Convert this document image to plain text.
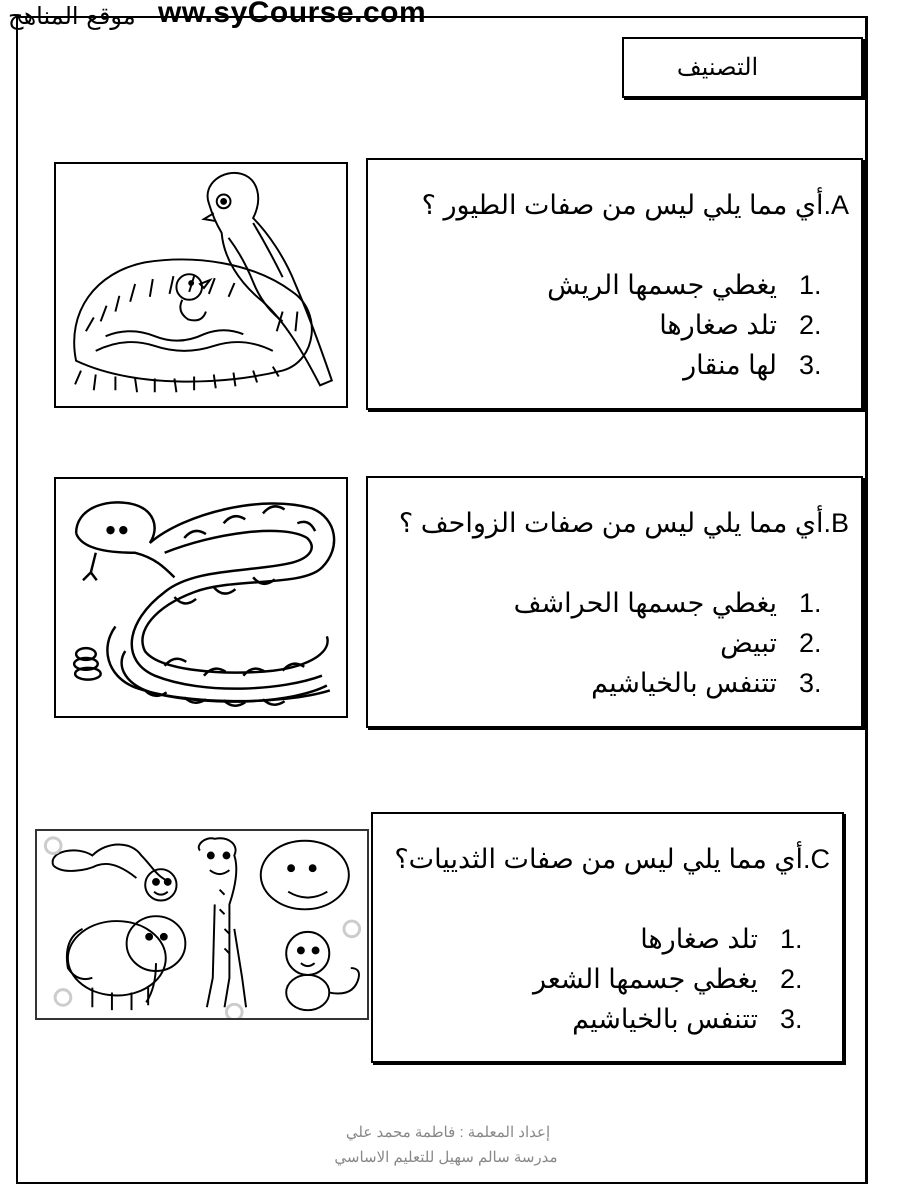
موقع المناهج ww.syCourse.com
التصنيف
A.أي مما يلي ليس من صفات الطيور ؟
1.
يغطي جسمها الريش
2.
تلد صغارها
3.
لها منقار
B.أي مما يلي ليس من صفات الزواحف ؟
1.
يغطي جسمها الحراشف
2.
تبيض
3.
تتنفس بالخياشيم
C.أي مما يلي ليس من صفات الثدييات؟
1.
تلد صغارها
2.
يغطي جسمها الشعر
3.
تتنفس بالخياشيم
إعداد المعلمة : فاطمة محمد علي
مدرسة سالم سهيل للتعليم الاساسي
